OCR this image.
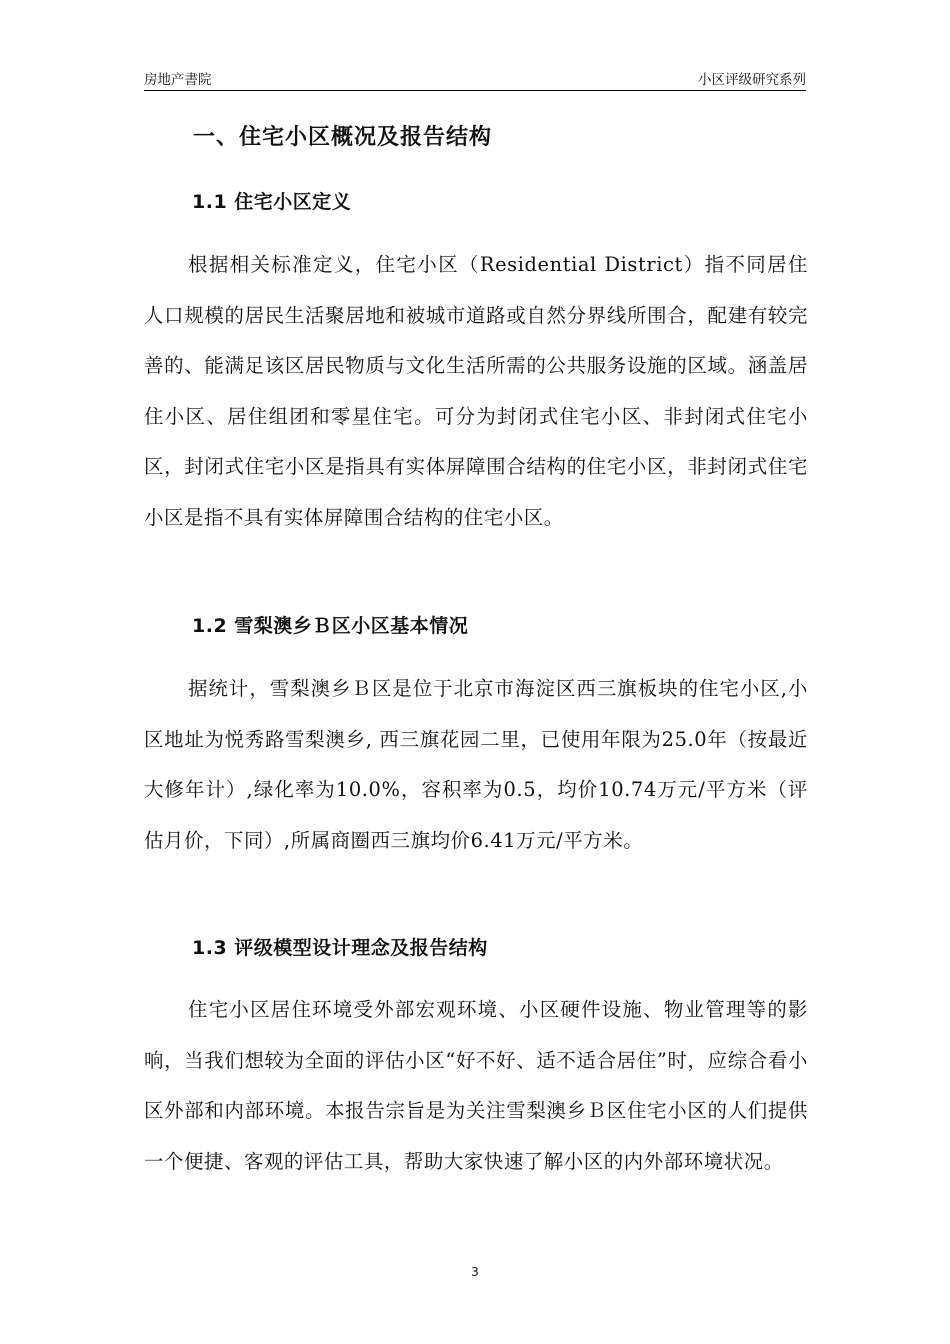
房地产書院	小区评级研究系列
一、住宅小区概况及报告结构
1.1 住宅小区定义
根据相关标准定义，住宅小区（Residential District）指不同居住人口规模的居民生活聚居地和被城市道路或自然分界线所围合，配建有较完善的、能满足该区居民物质与文化生活所需的公共服务设施的区域。涵盖居住小区、居住组团和零星住宅。可分为封闭式住宅小区、非封闭式住宅小区，封闭式住宅小区是指具有实体屏障围合结构的住宅小区，非封闭式住宅小区是指不具有实体屏障围合结构的住宅小区。
1.2 雪梨澳乡Ｂ区小区基本情况
据统计，雪梨澳乡Ｂ区是位于北京市海淀区西三旗板块的住宅小区,小区地址为悦秀路雪梨澳乡, 西三旗花园二里，已使用年限为25.0年（按最近大修年计）,绿化率为10.0%，容积率为0.5，均价10.74万元/平方米（评估月价，下同）,所属商圈西三旗均价6.41万元/平方米。
1.3 评级模型设计理念及报告结构
住宅小区居住环境受外部宏观环境、小区硬件设施、物业管理等的影响，当我们想较为全面的评估小区“好不好、适不适合居住”时，应综合看小区外部和内部环境。本报告宗旨是为关注雪梨澳乡Ｂ区住宅小区的人们提供一个便捷、客观的评估工具，帮助大家快速了解小区的内外部环境状况。
3
